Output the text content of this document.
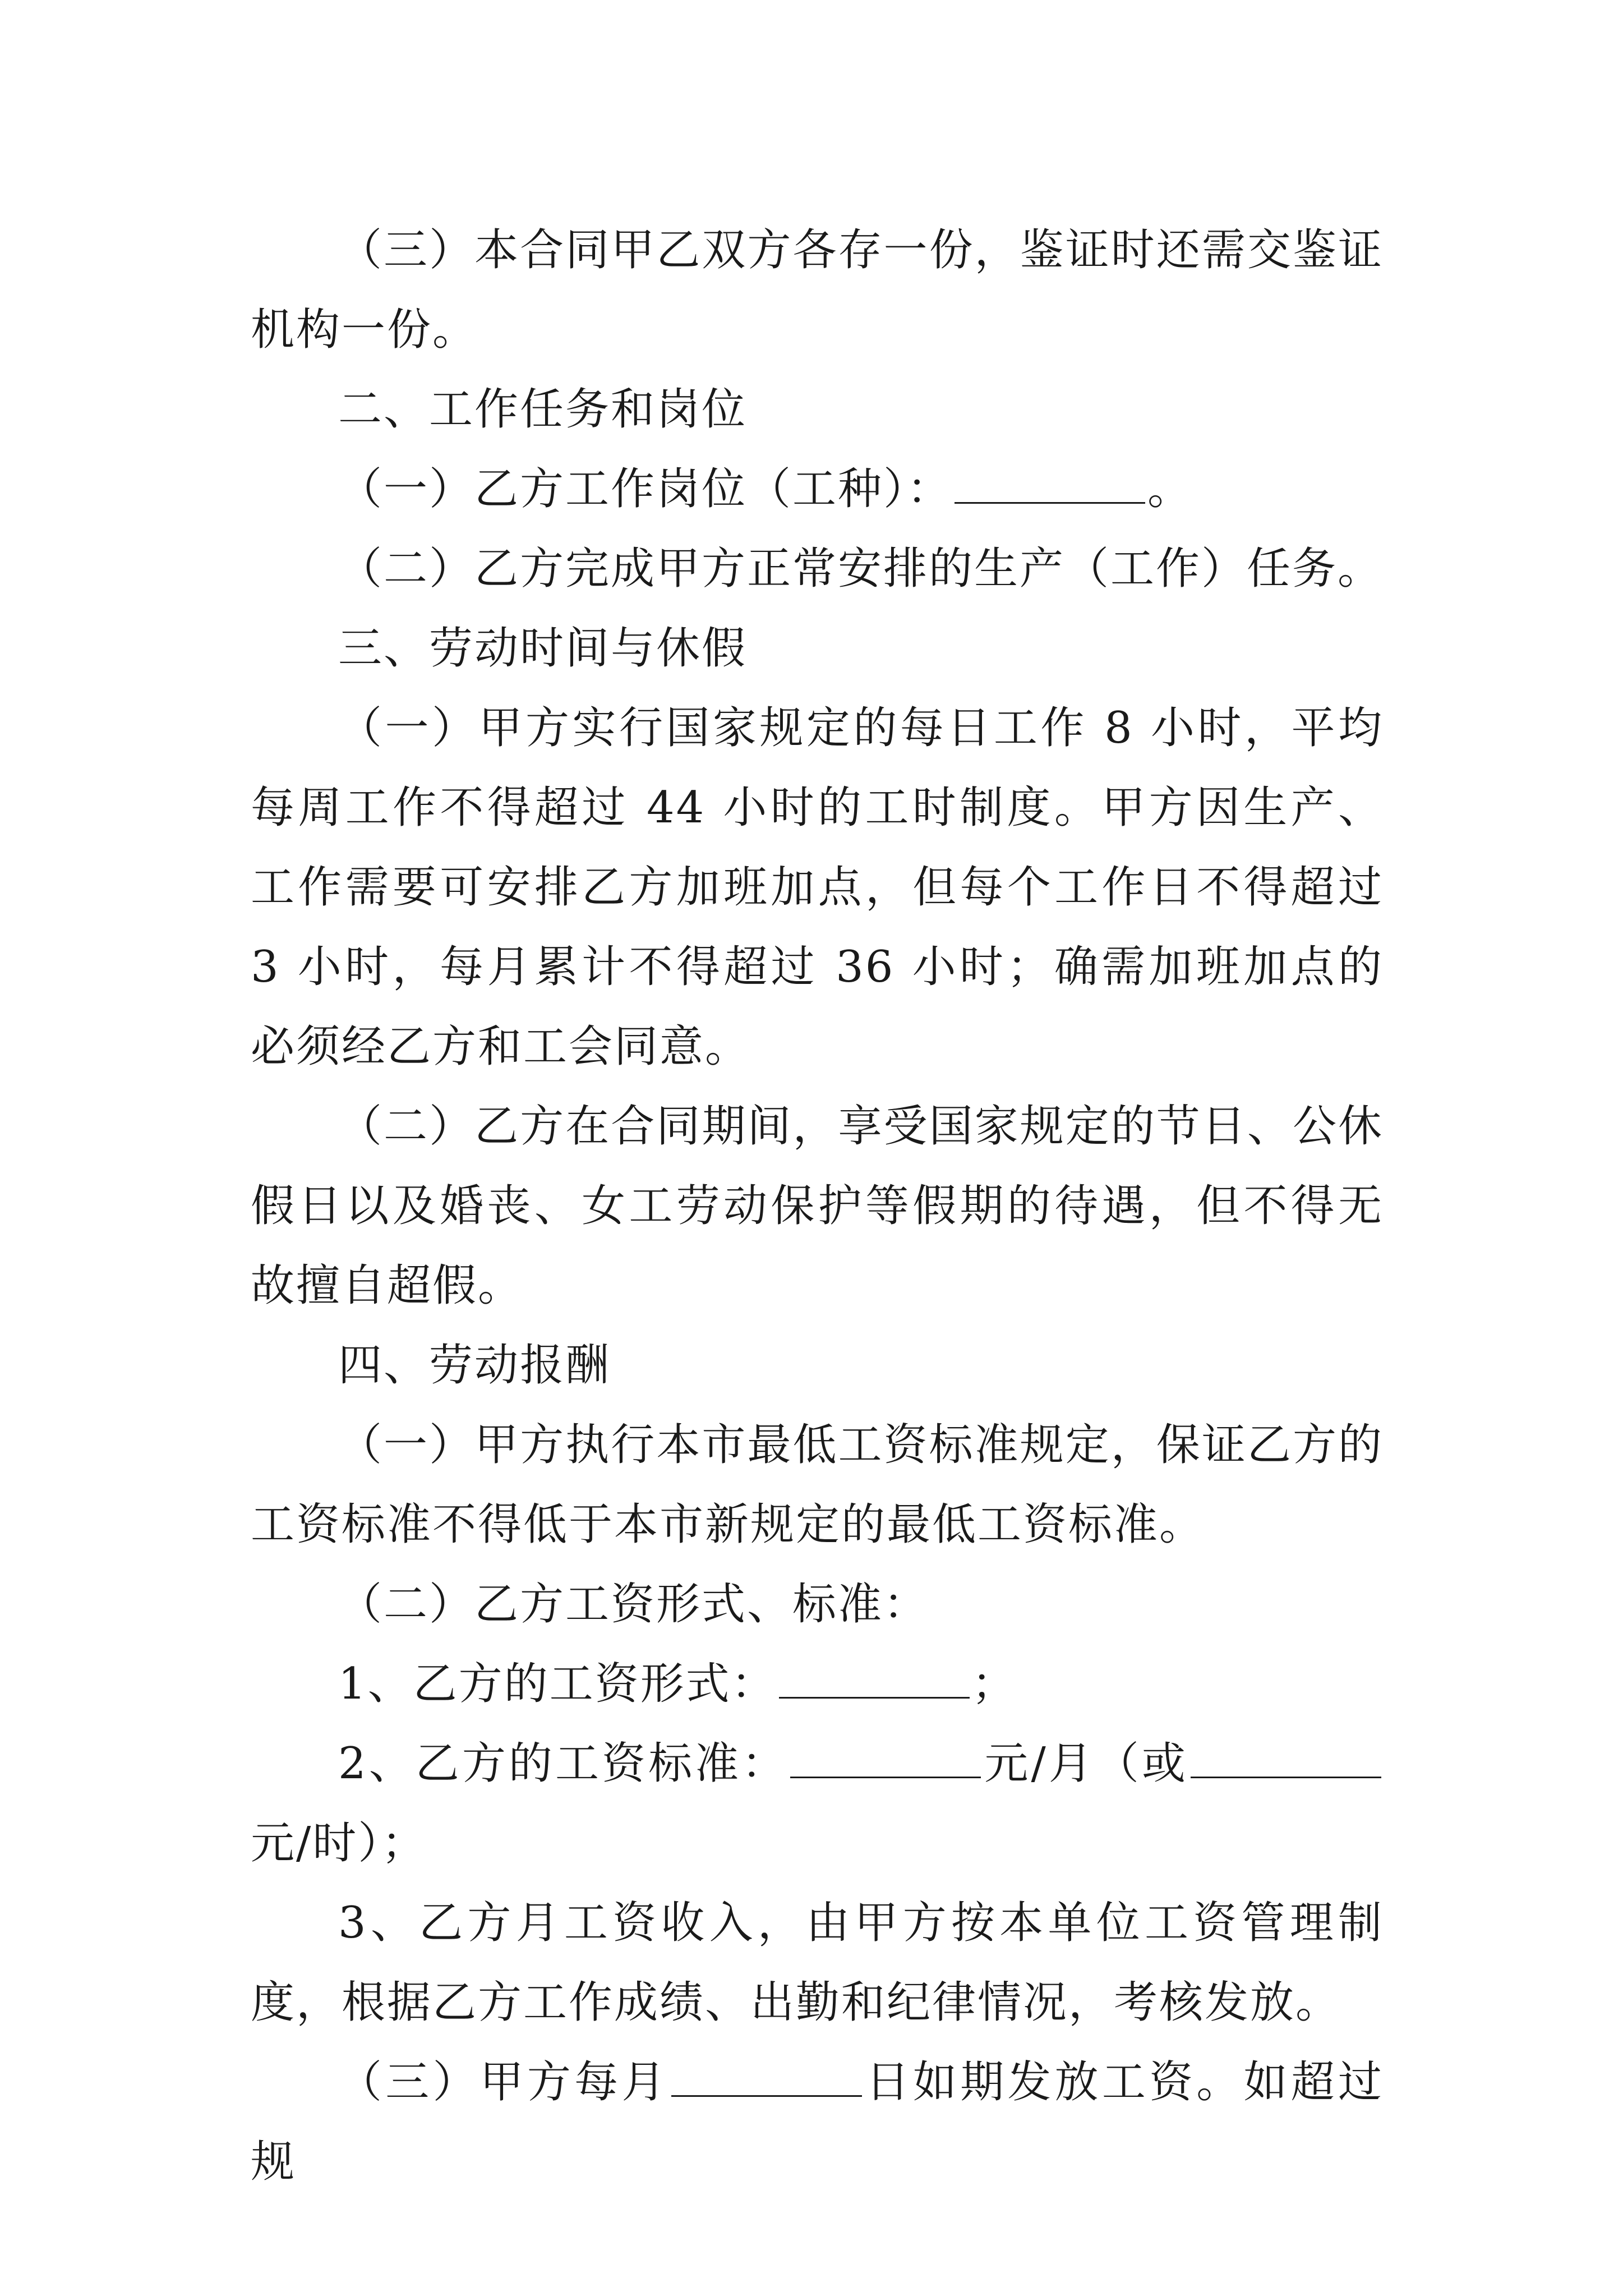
（三）本合同甲乙双方各存一份，鉴证时还需交鉴证机构一份。

二、工作任务和岗位

（一）乙方工作岗位（工种）：	。

（二）乙方完成甲方正常安排的生产（工作）任务。

三、劳动时间与休假

（一）甲方实行国家规定的每日工作 8 小时，平均每周工作不得超过 44 小时的工时制度。甲方因生产、工作需要可安排乙方加班加点，但每个工作日不得超过 3 小时，每月累计不得超过 36 小时；确需加班加点的必须经乙方和工会同意。

（二）乙方在合同期间，享受国家规定的节日、公休假日以及婚丧、女工劳动保护等假期的待遇，但不得无故擅自超假。

四、劳动报酬

（一）甲方执行本市最低工资标准规定，保证乙方的工资标准不得低于本市新规定的最低工资标准。

（二）乙方工资形式、标准：

1、乙方的工资形式：	；

2、乙方的工资标准：	元/月（或元/时）；

3、乙方月工资收入，由甲方按本单位工资管理制度，根据乙方工作成绩、出勤和纪律情况，考核发放。

（三）甲方每月	日如期发放工资。如超过规
